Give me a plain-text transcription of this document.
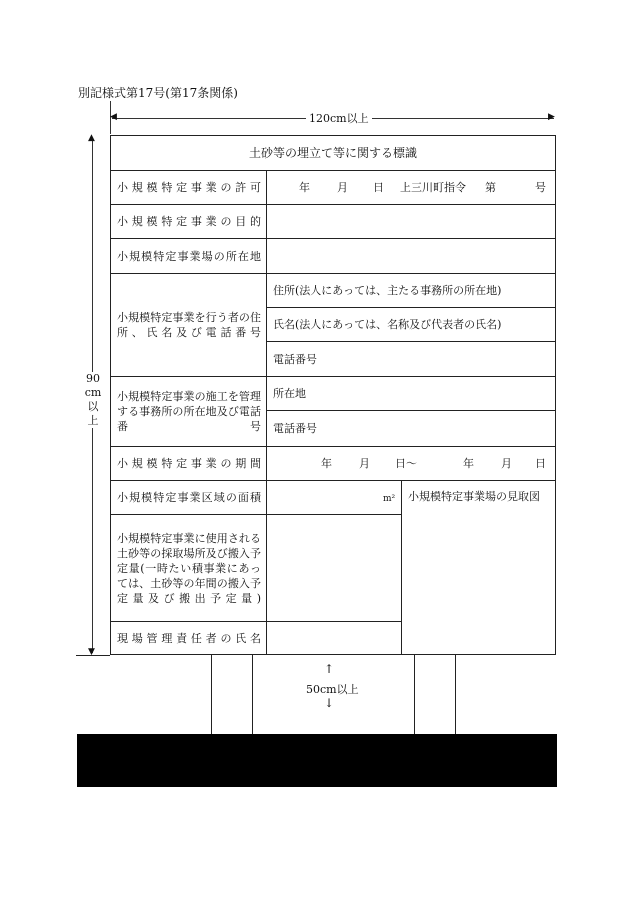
別記様式第17号(第17条関係)
◀	▶
120cm以上
▲
▼
90
cm
以
上
土砂等の埋立て等に関する標識
小規模特定事業の許可	年 月 日 上三川町指令 第	号
小規模特定事業の目的
小規模特定事業場の所在地
小規模特定事業を行う者の住所、氏名及び電話番号
住所(法人にあっては、主たる事務所の所在地)
氏名(法人にあっては、名称及び代表者の氏名)
電話番号
小規模特定事業の施工を管理する事務所の所在地及び電話番号
所在地
電話番号
小規模特定事業の期間	年 月 日〜	年 月 日
小規模特定事業区域の面積	m² 小規模特定事業場の見取図
小規模特定事業に使用される土砂等の採取場所及び搬入予定量(一時たい積事業にあっては、土砂等の年間の搬入予定量及び搬出予定量)
現場管理責任者の氏名
↑
50cm以上
↓
